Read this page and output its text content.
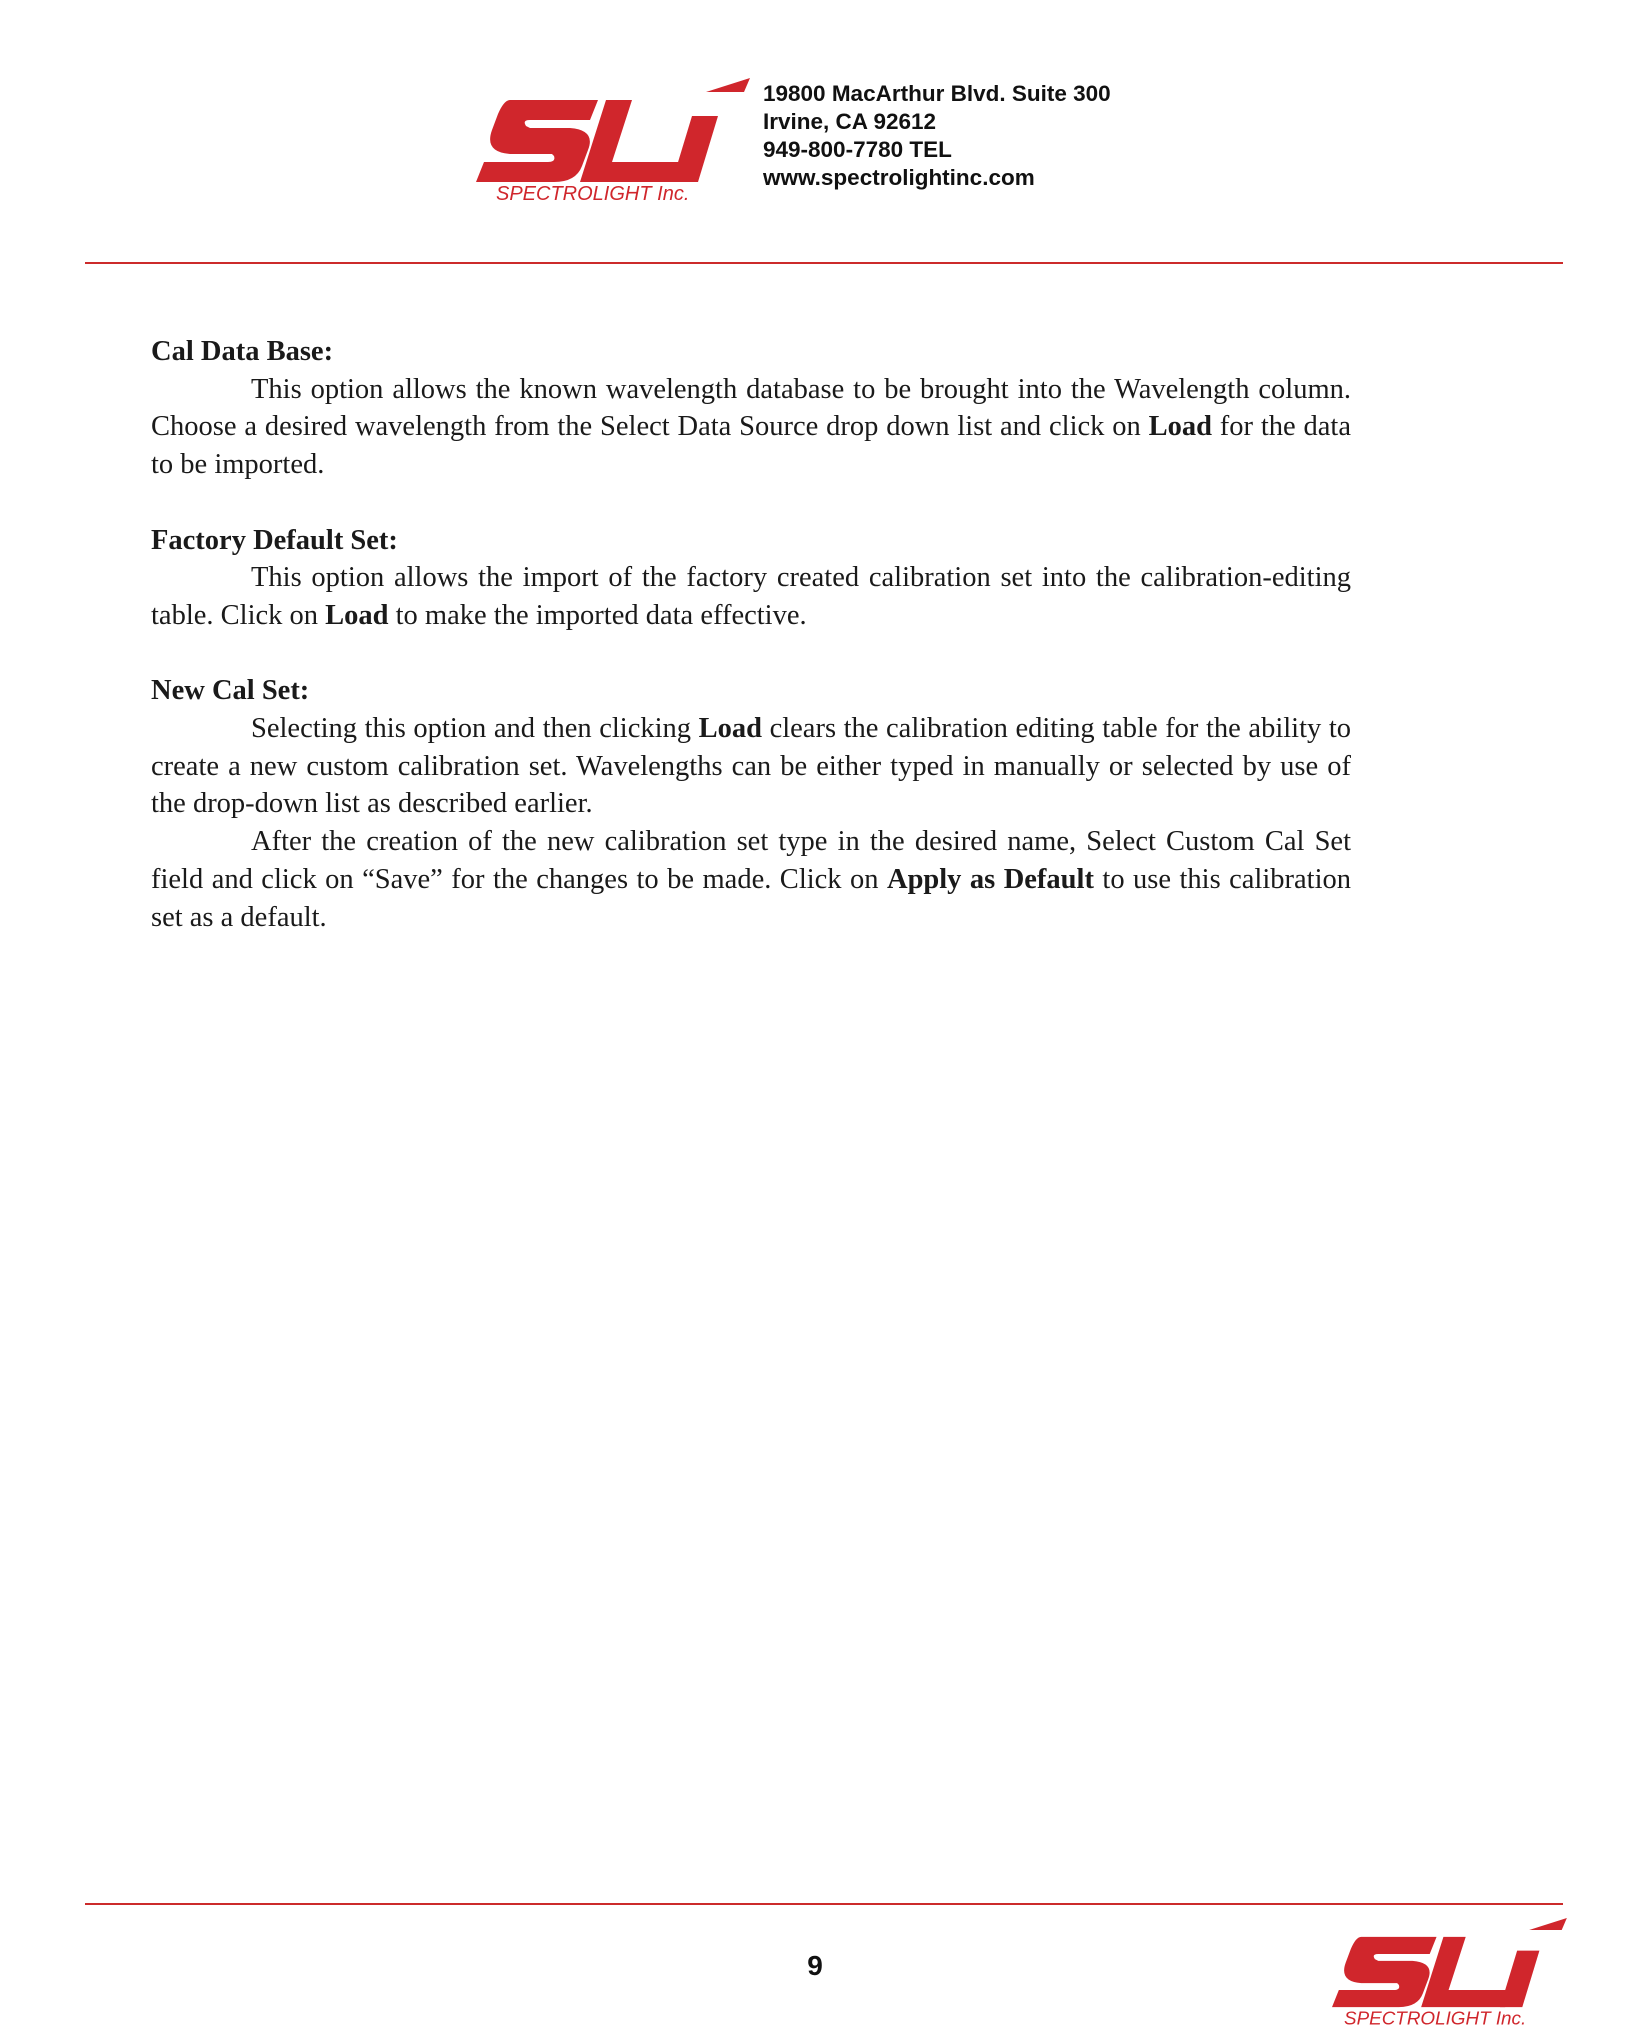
SPECTROLIGHT Inc.
19800 MacArthur Blvd. Suite 300
Irvine, CA 92612
949-800-7780 TEL
www.spectrolightinc.com

Cal Data Base:

This option allows the known wavelength database to be brought into the Wavelength column. Choose a desired wavelength from the Select Data Source drop down list and click on Load for the data to be imported.

Factory Default Set:

This option allows the import of the factory created calibration set into the calibration-editing table. Click on Load to make the imported data effective.

New Cal Set:

Selecting this option and then clicking Load clears the calibration editing table for the ability to create a new custom calibration set. Wavelengths can be either typed in manually or selected by use of the drop-down list as described earlier.

After the creation of the new calibration set type in the desired name, Select Custom Cal Set field and click on “Save” for the changes to be made. Click on Apply as Default to use this calibration set as a default.

9
SPECTROLIGHT Inc.
